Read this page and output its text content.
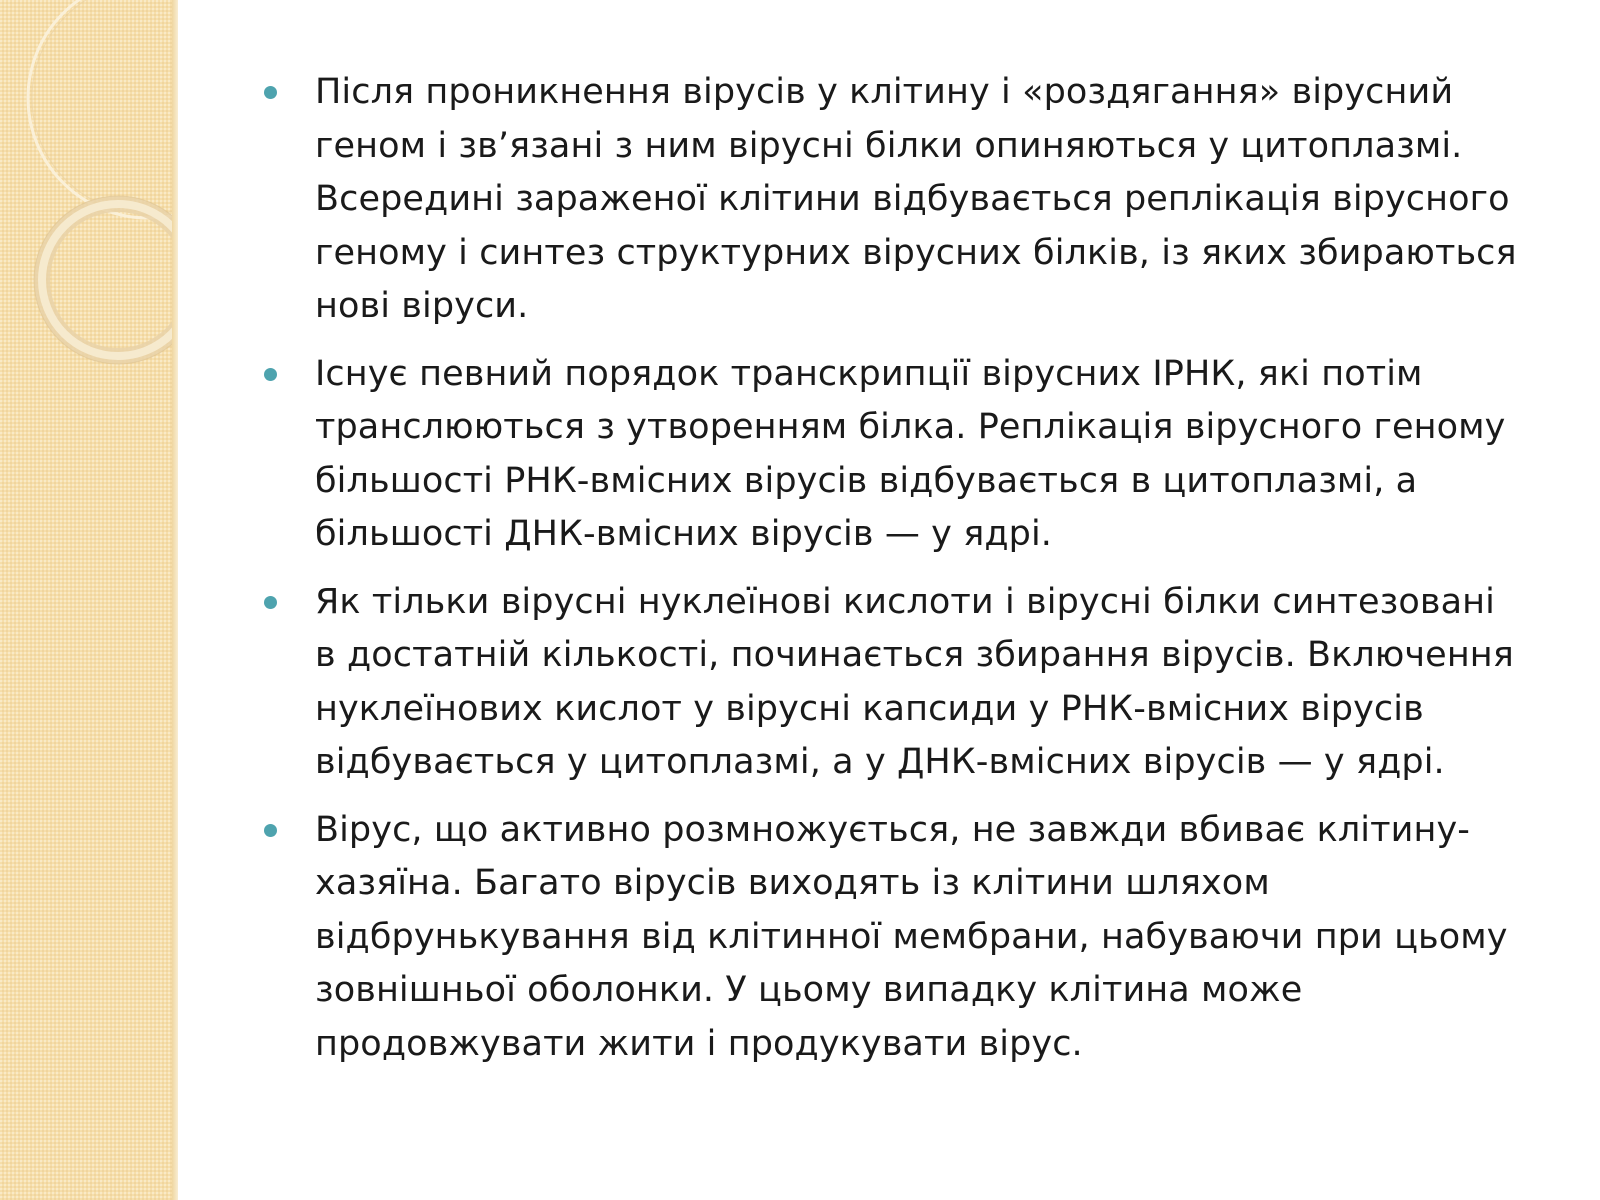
Після проникнення вірусів у клітину і «роздягання» вірусний геном і зв’язані з ним вірусні білки опиняються у цитоплазмі. Всередині зараженої клітини відбувається реплікація вірусного геному і синтез структурних вірусних білків, із яких збираються нові віруси.
Існує певний порядок транскрипції вірусних ІРНК, які потім транслюються з утворенням білка. Реплікація вірусного геному більшості РНК-вмісних вірусів відбувається в цитоплазмі, а більшості ДНК-вмісних вірусів — у ядрі.
Як тільки вірусні нуклеїнові кислоти і вірусні білки синтезовані в достатній кількості, починається збирання вірусів. Включення нуклеїнових кислот у вірусні капсиди у РНК-вмісних вірусів відбувається у цитоплазмі, а у ДНК-вмісних вірусів — у ядрі.
Вірус, що активно розмножується, не завжди вбиває клітину-хазяїна. Багато вірусів виходять із клітини шляхом відбрунькування від клітинної мембрани, набуваючи при цьому зовнішньої оболонки. У цьому випадку клітина може продовжувати жити і продукувати вірус.
